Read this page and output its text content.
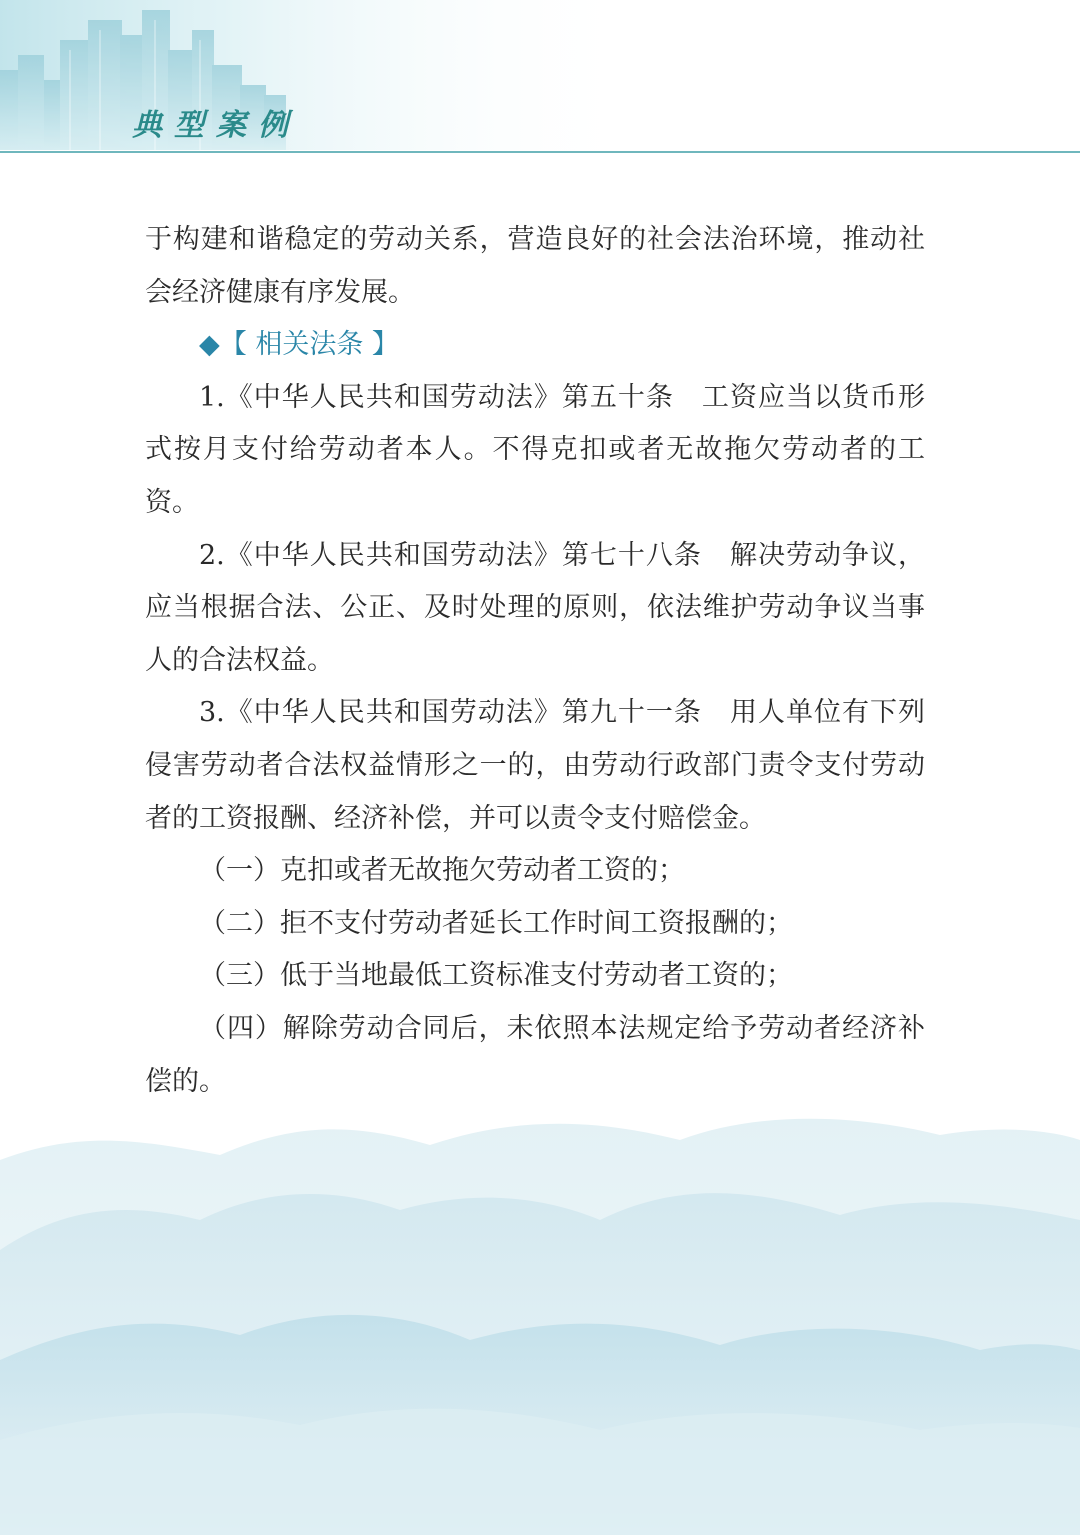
典型案例

于构建和谐稳定的劳动关系，营造良好的社会法治环境，推动社会经济健康有序发展。

◆【 相关法条 】

1.《中华人民共和国劳动法》第五十条　工资应当以货币形式按月支付给劳动者本人。不得克扣或者无故拖欠劳动者的工资。

2.《中华人民共和国劳动法》第七十八条　解决劳动争议，应当根据合法、公正、及时处理的原则，依法维护劳动争议当事人的合法权益。

3.《中华人民共和国劳动法》第九十一条　用人单位有下列侵害劳动者合法权益情形之一的，由劳动行政部门责令支付劳动者的工资报酬、经济补偿，并可以责令支付赔偿金。

（一）克扣或者无故拖欠劳动者工资的；

（二）拒不支付劳动者延长工作时间工资报酬的；

（三）低于当地最低工资标准支付劳动者工资的；

（四）解除劳动合同后，未依照本法规定给予劳动者经济补偿的。
